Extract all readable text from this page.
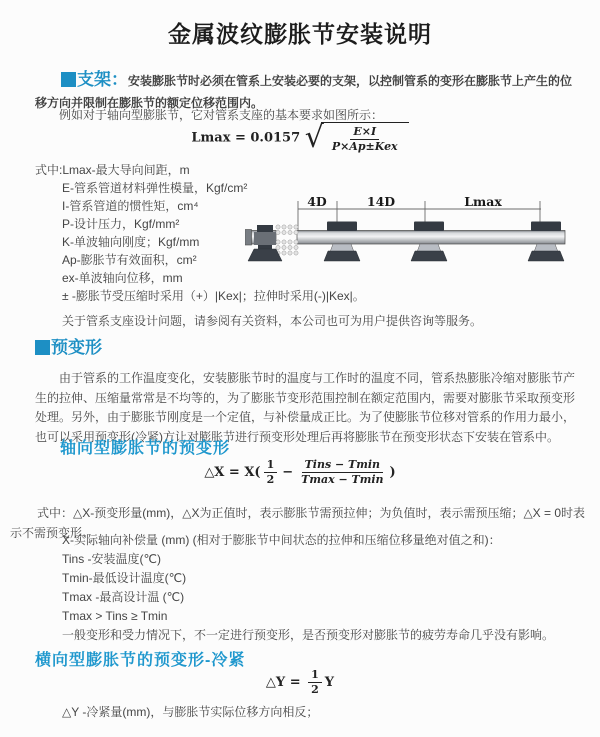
金属波纹膨胀节安装说明

支架：安装膨胀节时必须在管系上安装必要的支架，以控制管系的变形在膨胀节上产生的位移方向并限制在膨胀节的额定位移范围内。

例如对于轴向型膨胀节，它对管系支座的基本要求如图所示：
Lmax = 0.0157 √ $\frac{E\times I}{\text{P×Ap±Kex}}$
式中:Lmax-最大导向间距，m
E-管系管道材料弹性模量，Kgf/cm²
I-管系管道的惯性矩，cm⁴
P-设计压力，Kgf/mm²
K-单波轴向刚度；Kgf/mm
Ap-膨胀节有效面积，cm²
ex-单波轴向位移，mm
± -膨胀节受压缩时采用（+）|Kex|；拉伸时采用(-)|Kex|。
关于管系支座设计问题，请参阅有关资料，本公司也可为用户提供咨询等服务。
4D	14D	Lmax
预变形

由于管系的工作温度变化，安装膨胀节时的温度与工作时的温度不同，管系热膨胀冷缩对膨胀节产生的拉伸、压缩量常常是不均等的，为了膨胀节变形范围控制在额定范围内，需要对膨胀节采取预变形处理。另外，由于膨胀节刚度是一个定值，与补偿量成正比。为了使膨胀节位移对管系的作用力最小，也可以采用预变形(冷紧)方让对膨胀节进行预变形处理后再将膨胀节在预变形状态下安装在管系中。

轴向型膨胀节的预变形
△X = $X( \frac{1}{2} - \frac{\text{Tins − Tmin}}{Tmax - Tmin}$ )

式中：△X-预变形量(mm)，△X为正值时，表示膨胀节需预拉伸；为负值时，表示需预压缩；△X = 0时表示不需预变形。

X-实际轴向补偿量 (mm) (相对于膨胀节中间状态的拉伸和压缩位移量绝对值之和)：
Tins -安装温度(℃)
Tmin-最低设计温度(℃)
Tmax -最高设计温 (℃)
Tmax > Tins ≥ Tmin
一般变形和受力情况下，不一定进行预变形，是否预变形对膨胀节的疲劳寿命几乎没有影响。
横向型膨胀节的预变形-冷紧
△Y = $\frac{1}{2}$ Y
△Y -冷紧量(mm)，与膨胀节实际位移方向相反；
